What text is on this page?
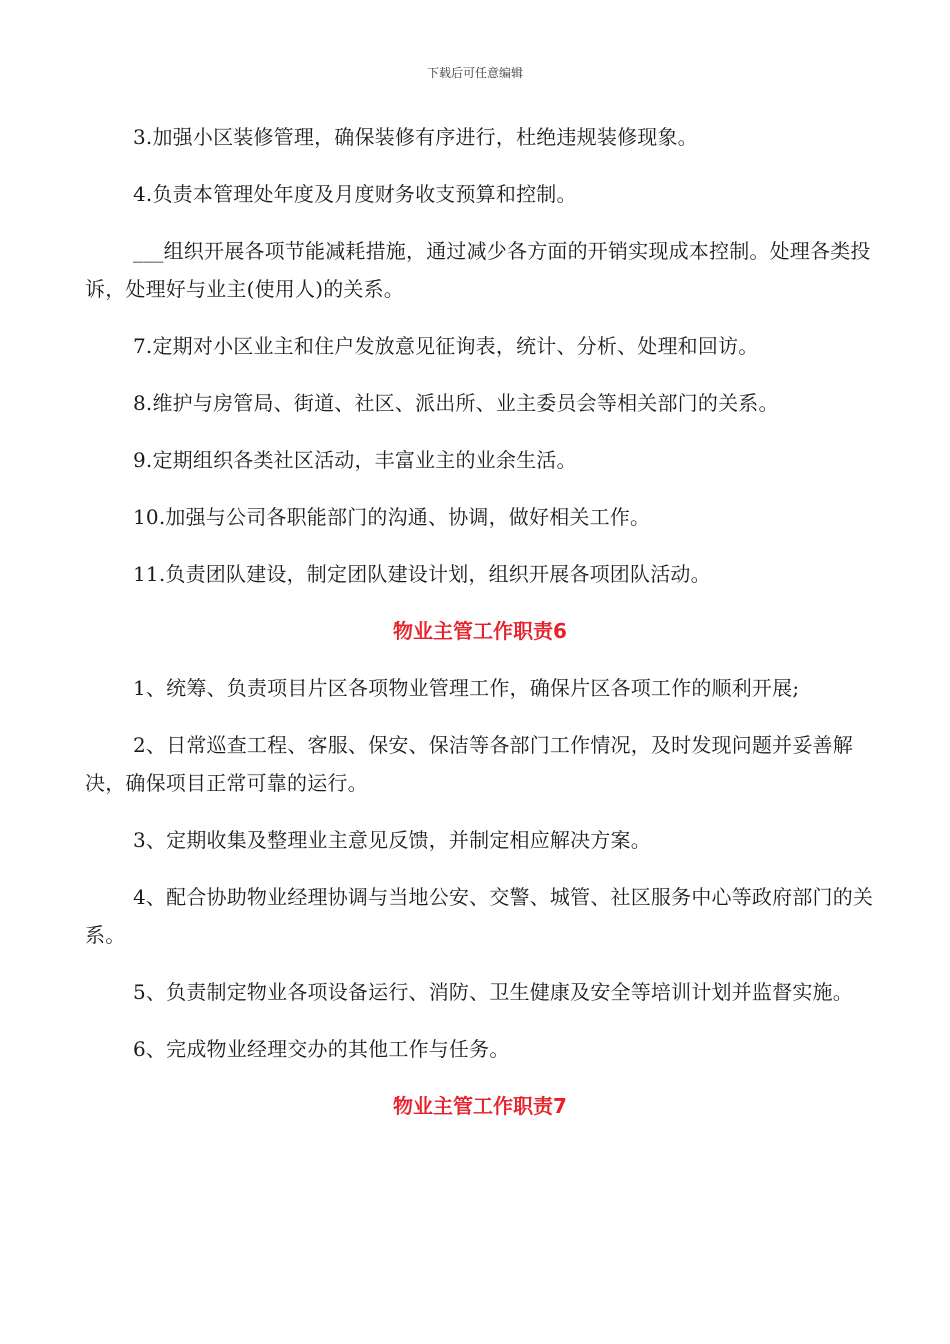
下载后可任意编辑

3.加强小区装修管理，确保装修有序进行，杜绝违规装修现象。

4.负责本管理处年度及月度财务收支预算和控制。

___组织开展各项节能减耗措施，通过减少各方面的开销实现成本控制。处理各类投诉，处理好与业主(使用人)的关系。

7.定期对小区业主和住户发放意见征询表，统计、分析、处理和回访。

8.维护与房管局、街道、社区、派出所、业主委员会等相关部门的关系。

9.定期组织各类社区活动，丰富业主的业余生活。

10.加强与公司各职能部门的沟通、协调，做好相关工作。

11.负责团队建设，制定团队建设计划，组织开展各项团队活动。

物业主管工作职责6

1、统筹、负责项目片区各项物业管理工作，确保片区各项工作的顺利开展;

2、日常巡查工程、客服、保安、保洁等各部门工作情况，及时发现问题并妥善解决，确保项目正常可靠的运行。

3、定期收集及整理业主意见反馈，并制定相应解决方案。

4、配合协助物业经理协调与当地公安、交警、城管、社区服务中心等政府部门的关系。

5、负责制定物业各项设备运行、消防、卫生健康及安全等培训计划并监督实施。

6、完成物业经理交办的其他工作与任务。

物业主管工作职责7
